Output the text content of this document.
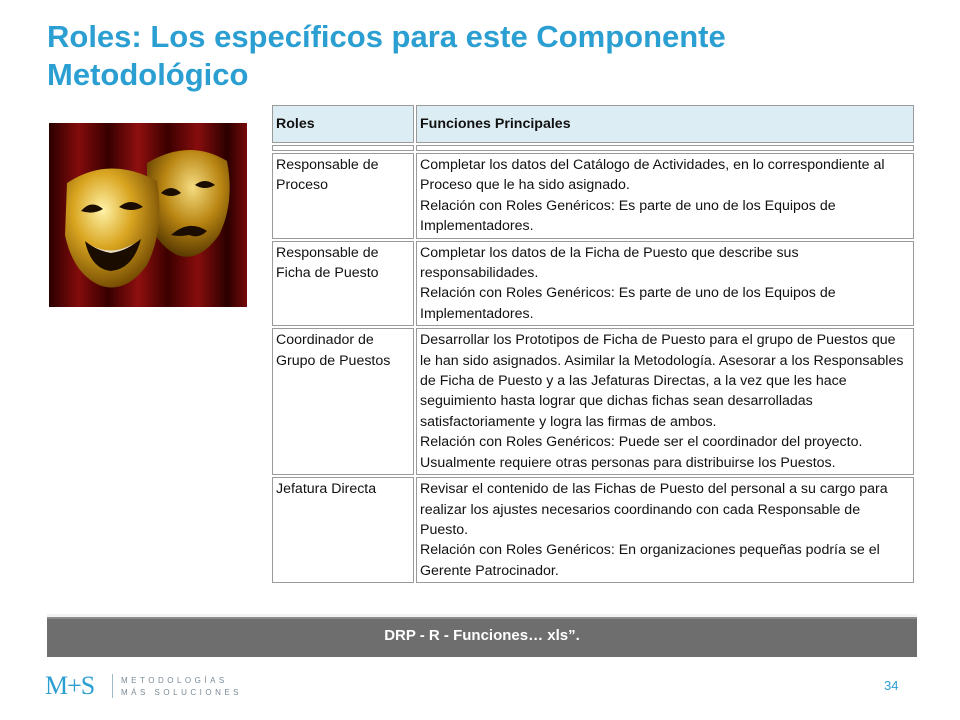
Roles: Los específicos para este Componente Metodológico
Roles	Funciones Principales

Responsable de Proceso	Completar los datos del Catálogo de Actividades, en lo correspondiente al Proceso que le ha sido asignado.
Relación con Roles Genéricos: Es parte de uno de los Equipos de Implementadores.

Responsable de Ficha de Puesto	Completar los datos de la Ficha de Puesto que describe sus responsabilidades.
Relación con Roles Genéricos: Es parte de uno de los Equipos de Implementadores.

Coordinador de Grupo de Puestos	Desarrollar los Prototipos de Ficha de Puesto para el grupo de Puestos que le han sido asignados. Asimilar la Metodología. Asesorar a los Responsables de Ficha de Puesto y a las Jefaturas Directas, a la vez que les hace seguimiento hasta lograr que dichas fichas sean desarrolladas satisfactoriamente y logra las firmas de ambos.
Relación con Roles Genéricos: Puede ser el coordinador del proyecto. Usualmente requiere otras personas para distribuirse los Puestos.

Jefatura Directa	Revisar el contenido de las Fichas de Puesto del personal a su cargo para realizar los ajustes necesarios coordinando con cada Responsable de Puesto.
Relación con Roles Genéricos: En organizaciones pequeñas podría se el Gerente Patrocinador.
DRP - R - Funciones… xls”.
M+S	METODOLOGÍAS
MÁS SOLUCIONES	34
